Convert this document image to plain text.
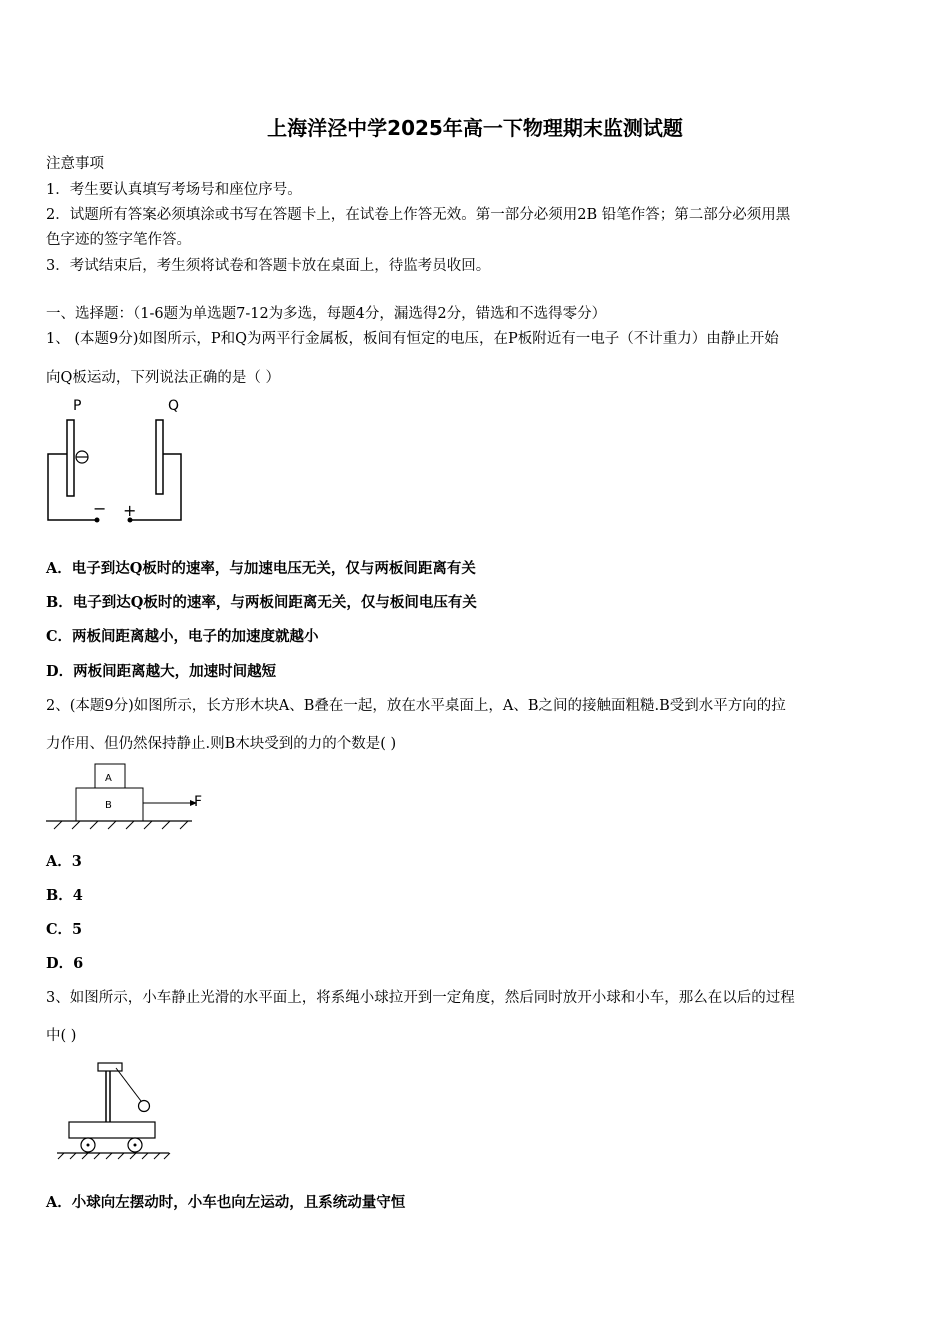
上海洋泾中学2025年高一下物理期末监测试题
注意事项
1．考生要认真填写考场号和座位序号。
2．试题所有答案必须填涂或书写在答题卡上，在试卷上作答无效。第一部分必须用2B 铅笔作答；第二部分必须用黑
色字迹的签字笔作答。
3．考试结束后，考生须将试卷和答题卡放在桌面上，待监考员收回。
一、选择题：（1-6题为单选题7-12为多选，每题4分，漏选得2分，错选和不选得零分）
1、 (本题9分)如图所示，P和Q为两平行金属板，板间有恒定的电压，在P板附近有一电子（不计重力）由静止开始
向Q板运动，下列说法正确的是（ ）
P	Q
− +
A．电子到达Q板时的速率，与加速电压无关，仅与两板间距离有关
B．电子到达Q板时的速率，与两板间距离无关，仅与板间电压有关
C．两板间距离越小，电子的加速度就越小
D．两板间距离越大，加速时间越短
2、(本题9分)如图所示，长方形木块A、B叠在一起，放在水平桌面上，A、B之间的接触面粗糙.B受到水平方向的拉
力作用、但仍然保持静止.则B木块受到的力的个数是( )
A
B	F
A．3
B．4
C．5
D．6
3、如图所示，小车静止光滑的水平面上，将系绳小球拉开到一定角度，然后同时放开小球和小车，那么在以后的过程
中( )
A．小球向左摆动时，小车也向左运动，且系统动量守恒
